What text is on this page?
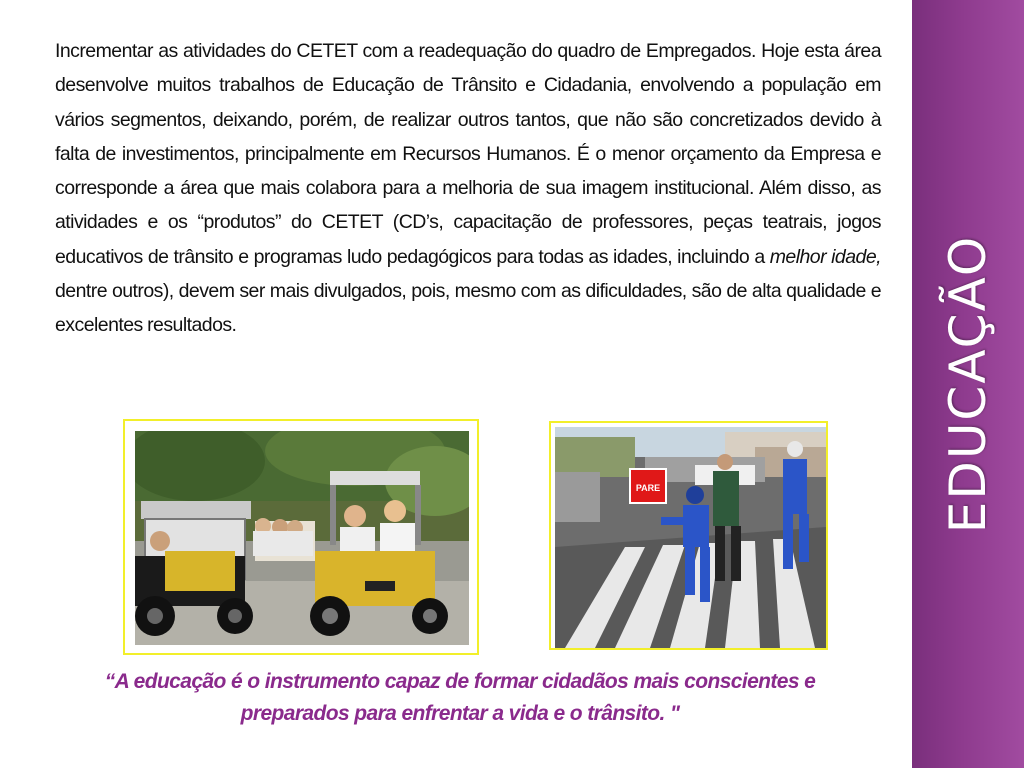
EDUCAÇÃO
Incrementar as atividades do CETET com a readequação do quadro de Empregados. Hoje esta área desenvolve muitos trabalhos de Educação de Trânsito e Cidadania, envolvendo a população em vários segmentos, deixando, porém, de realizar outros tantos, que não são concretizados devido à falta de investimentos, principalmente em Recursos Humanos. É o menor orçamento da Empresa e corresponde a área que mais colabora para a melhoria de sua imagem institucional. Além disso, as atividades e os “produtos” do CETET (CD’s, capacitação de professores, peças teatrais, jogos educativos de trânsito e programas ludo pedagógicos para todas as idades, incluindo a melhor idade, dentre outros), devem ser mais divulgados, pois, mesmo com as dificuldades, são de alta qualidade e excelentes resultados.
PARE
“A educação é o instrumento capaz de formar cidadãos mais conscientes e preparados para enfrentar a vida e o trânsito. "
